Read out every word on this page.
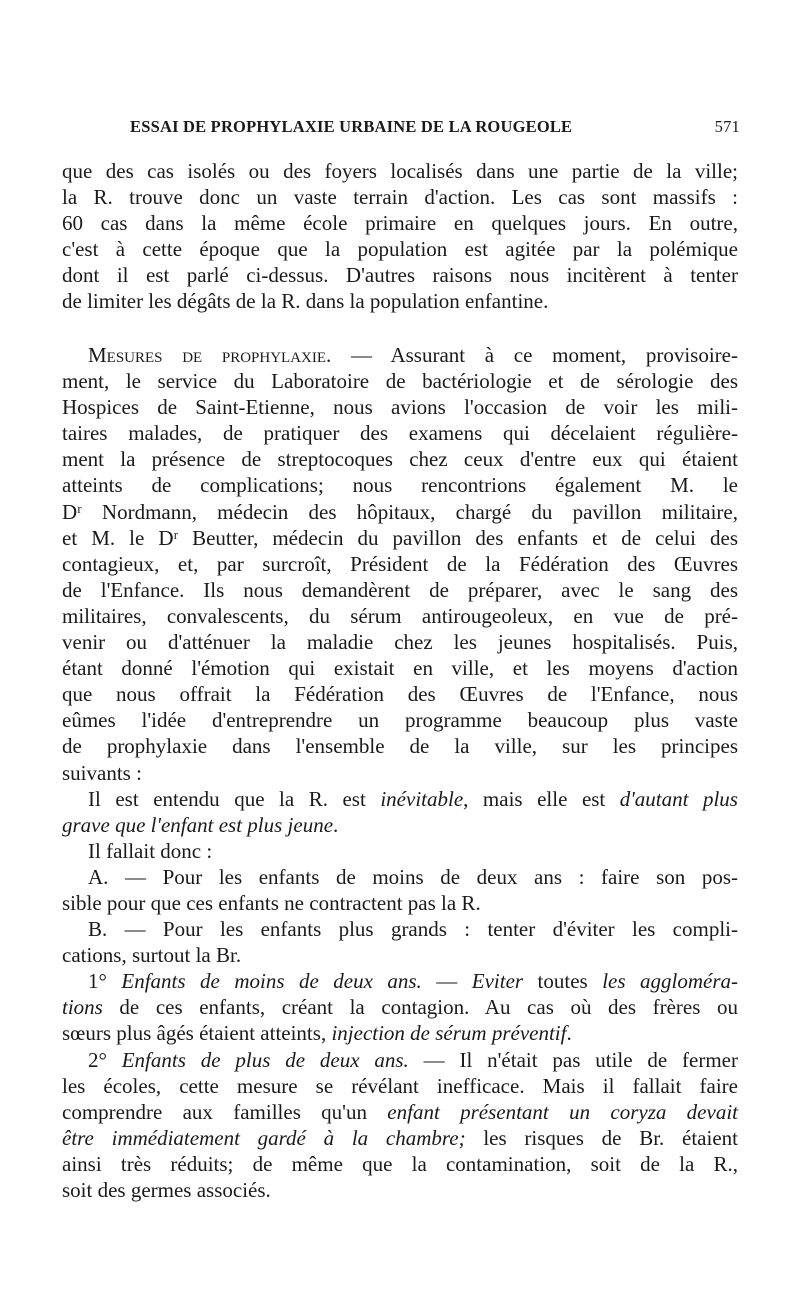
ESSAI DE PROPHYLAXIE URBAINE DE LA ROUGEOLE	571
que des cas isolés ou des foyers localisés dans une partie de la ville;
la R. trouve donc un vaste terrain d'action. Les cas sont massifs :
60 cas dans la même école primaire en quelques jours. En outre,
c'est à cette époque que la population est agitée par la polémique
dont il est parlé ci-dessus. D'autres raisons nous incitèrent à tenter
de limiter les dégâts de la R. dans la population enfantine.
Mesures de prophylaxie. — Assurant à ce moment, provisoire-
ment, le service du Laboratoire de bactériologie et de sérologie des
Hospices de Saint-Etienne, nous avions l'occasion de voir les mili-
taires malades, de pratiquer des examens qui décelaient régulière-
ment la présence de streptocoques chez ceux d'entre eux qui étaient
atteints de complications; nous rencontrions également M. le
Dʳ Nordmann, médecin des hôpitaux, chargé du pavillon militaire,
et M. le Dʳ Beutter, médecin du pavillon des enfants et de celui des
contagieux, et, par surcroît, Président de la Fédération des Œuvres
de l'Enfance. Ils nous demandèrent de préparer, avec le sang des
militaires, convalescents, du sérum antirougeoleux, en vue de pré-
venir ou d'atténuer la maladie chez les jeunes hospitalisés. Puis,
étant donné l'émotion qui existait en ville, et les moyens d'action
que nous offrait la Fédération des Œuvres de l'Enfance, nous
eûmes l'idée d'entreprendre un programme beaucoup plus vaste
de prophylaxie dans l'ensemble de la ville, sur les principes
suivants :
Il est entendu que la R. est inévitable, mais elle est d'autant plus
grave que l'enfant est plus jeune.
Il fallait donc :
A. — Pour les enfants de moins de deux ans : faire son pos-
sible pour que ces enfants ne contractent pas la R.
B. — Pour les enfants plus grands : tenter d'éviter les compli-
cations, surtout la Br.
1° Enfants de moins de deux ans. — Eviter toutes les aggloméra-
tions de ces enfants, créant la contagion. Au cas où des frères ou
sœurs plus âgés étaient atteints, injection de sérum préventif.
2° Enfants de plus de deux ans. — Il n'était pas utile de fermer
les écoles, cette mesure se révélant inefficace. Mais il fallait faire
comprendre aux familles qu'un enfant présentant un coryza devait
être immédiatement gardé à la chambre; les risques de Br. étaient
ainsi très réduits; de même que la contamination, soit de la R.,
soit des germes associés.
